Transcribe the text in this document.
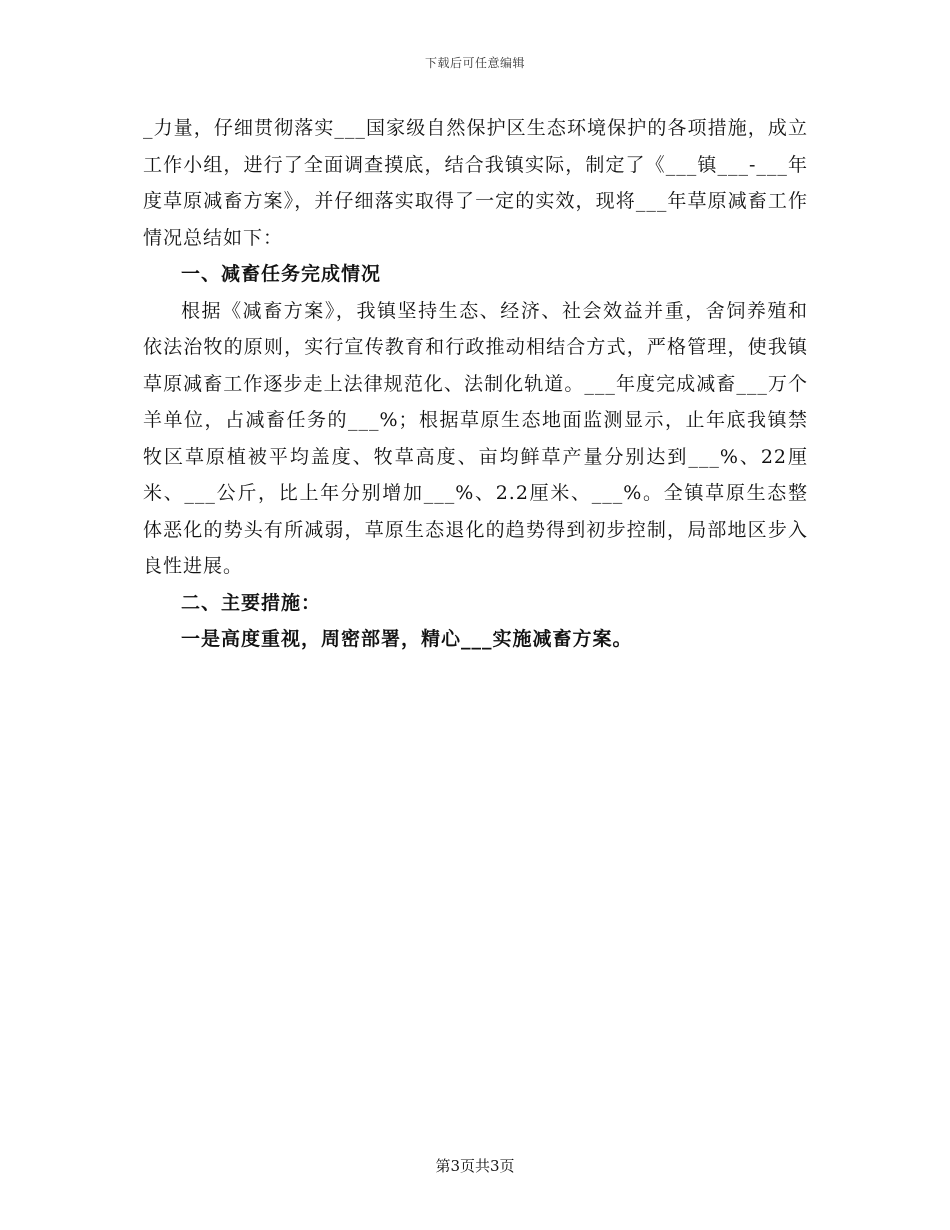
下载后可任意编辑

_力量，仔细贯彻落实___国家级自然保护区生态环境保护的各项措施，成立工作小组，进行了全面调查摸底，结合我镇实际，制定了《___镇___-___年度草原减畜方案》，并仔细落实取得了一定的实效，现将___年草原减畜工作情况总结如下：

一、减畜任务完成情况

根据《减畜方案》，我镇坚持生态、经济、社会效益并重，舍饲养殖和依法治牧的原则，实行宣传教育和行政推动相结合方式，严格管理，使我镇草原减畜工作逐步走上法律规范化、法制化轨道。___年度完成减畜___万个羊单位，占减畜任务的___%；根据草原生态地面监测显示，止年底我镇禁牧区草原植被平均盖度、牧草高度、亩均鲜草产量分别达到___%、22厘米、___公斤，比上年分别增加___%、2.2厘米、___%。全镇草原生态整体恶化的势头有所减弱，草原生态退化的趋势得到初步控制，局部地区步入良性进展。

二、主要措施：

一是高度重视，周密部署，精心___实施减畜方案。

第3页共3页
